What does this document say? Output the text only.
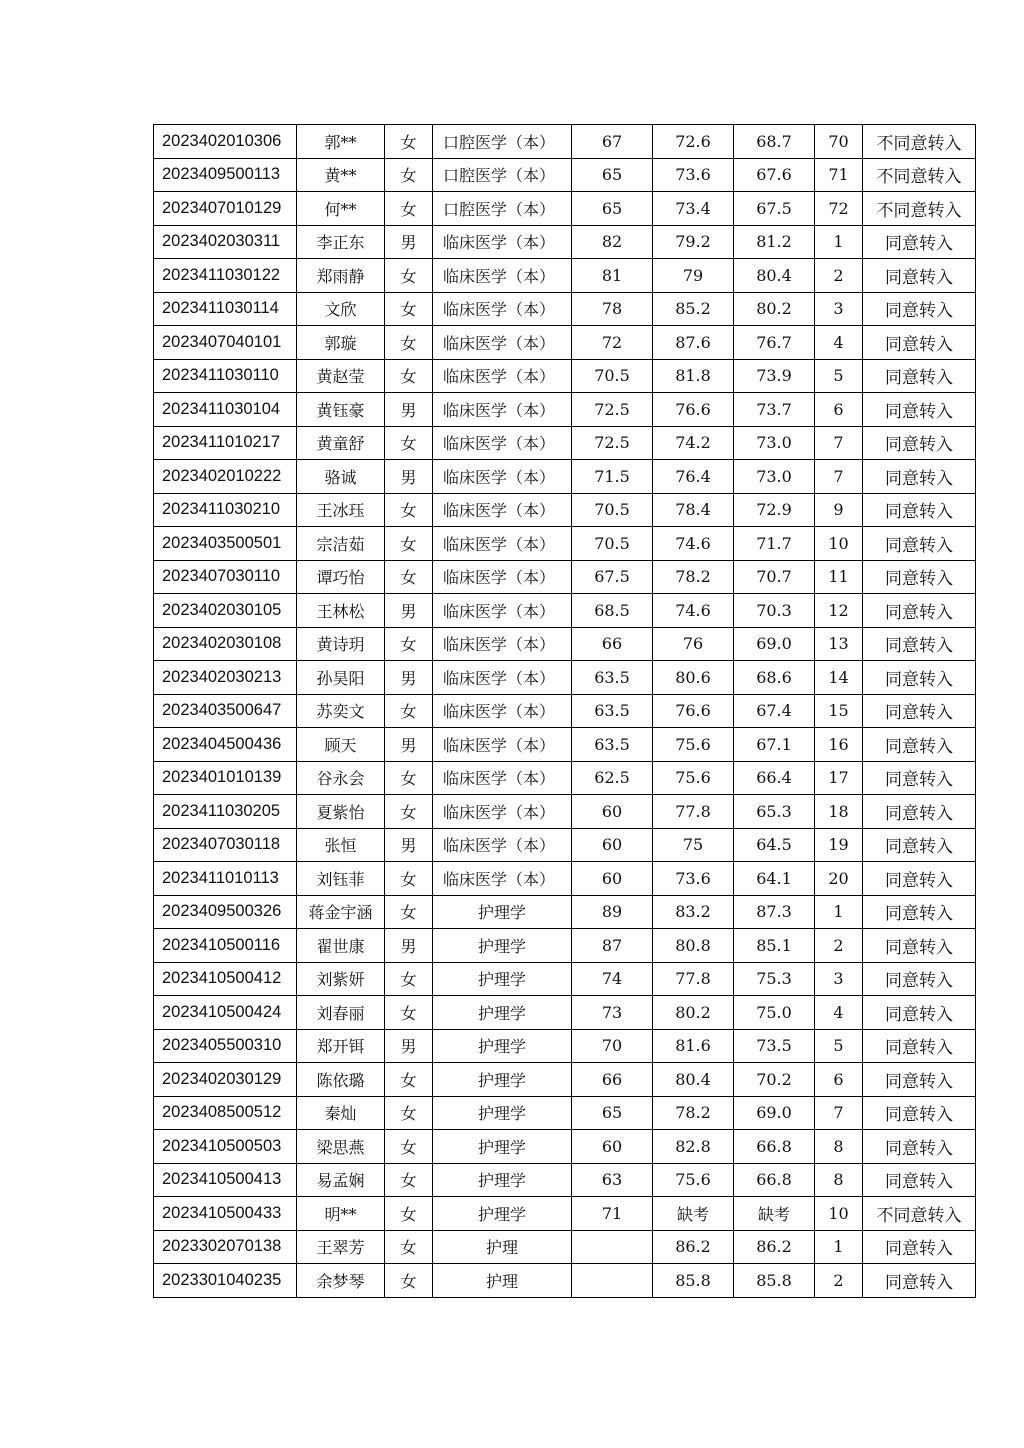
2023402010306	郭**	女	口腔医学（本）	67	72.6	68.7	70	不同意转入
2023409500113	黄**	女	口腔医学（本）	65	73.6	67.6	71	不同意转入
2023407010129	何**	女	口腔医学（本）	65	73.4	67.5	72	不同意转入
2023402030311	李正东	男	临床医学（本）	82	79.2	81.2	1	同意转入
2023411030122	郑雨静	女	临床医学（本）	81	79	80.4	2	同意转入
2023411030114	文欣	女	临床医学（本）	78	85.2	80.2	3	同意转入
2023407040101	郭璇	女	临床医学（本）	72	87.6	76.7	4	同意转入
2023411030110	黄赵莹	女	临床医学（本）	70.5	81.8	73.9	5	同意转入
2023411030104	黄钰豪	男	临床医学（本）	72.5	76.6	73.7	6	同意转入
2023411010217	黄童舒	女	临床医学（本）	72.5	74.2	73.0	7	同意转入
2023402010222	骆诚	男	临床医学（本）	71.5	76.4	73.0	7	同意转入
2023411030210	王冰珏	女	临床医学（本）	70.5	78.4	72.9	9	同意转入
2023403500501	宗洁茹	女	临床医学（本）	70.5	74.6	71.7	10	同意转入
2023407030110	谭巧怡	女	临床医学（本）	67.5	78.2	70.7	11	同意转入
2023402030105	王林松	男	临床医学（本）	68.5	74.6	70.3	12	同意转入
2023402030108	黄诗玥	女	临床医学（本）	66	76	69.0	13	同意转入
2023402030213	孙昊阳	男	临床医学（本）	63.5	80.6	68.6	14	同意转入
2023403500647	苏奕文	女	临床医学（本）	63.5	76.6	67.4	15	同意转入
2023404500436	顾天	男	临床医学（本）	63.5	75.6	67.1	16	同意转入
2023401010139	谷永会	女	临床医学（本）	62.5	75.6	66.4	17	同意转入
2023411030205	夏紫怡	女	临床医学（本）	60	77.8	65.3	18	同意转入
2023407030118	张恒	男	临床医学（本）	60	75	64.5	19	同意转入
2023411010113	刘钰菲	女	临床医学（本）	60	73.6	64.1	20	同意转入
2023409500326	蒋金宇涵	女	护理学	89	83.2	87.3	1	同意转入
2023410500116	翟世康	男	护理学	87	80.8	85.1	2	同意转入
2023410500412	刘紫妍	女	护理学	74	77.8	75.3	3	同意转入
2023410500424	刘春丽	女	护理学	73	80.2	75.0	4	同意转入
2023405500310	郑开铒	男	护理学	70	81.6	73.5	5	同意转入
2023402030129	陈依璐	女	护理学	66	80.4	70.2	6	同意转入
2023408500512	秦灿	女	护理学	65	78.2	69.0	7	同意转入
2023410500503	梁思燕	女	护理学	60	82.8	66.8	8	同意转入
2023410500413	易孟娴	女	护理学	63	75.6	66.8	8	同意转入
2023410500433	明**	女	护理学	71	缺考	缺考	10	不同意转入
2023302070138	王翠芳	女	护理		86.2	86.2	1	同意转入
2023301040235	余梦琴	女	护理		85.8	85.8	2	同意转入
